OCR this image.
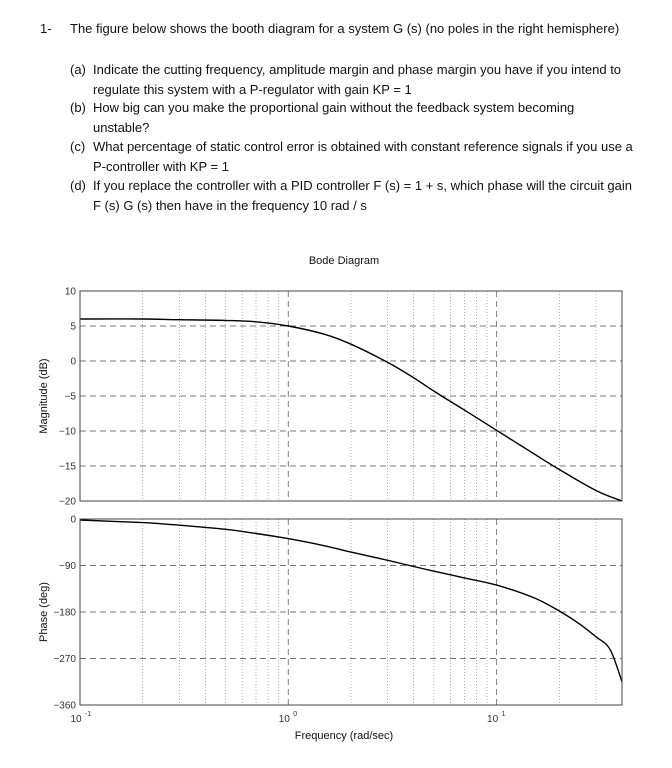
1- The figure below shows the booth diagram for a system G (s) (no poles in the right hemisphere)
(a) Indicate the cutting frequency, amplitude margin and phase margin you have if you intend to regulate this system with a P-regulator with gain KP = 1
(b) How big can you make the proportional gain without the feedback system becoming unstable?
(c) What percentage of static control error is obtained with constant reference signals if you use a P-controller with KP = 1
(d) If you replace the controller with a PID controller F (s) = 1 + s, which phase will the circuit gain F (s) G (s) then have in the frequency 10 rad / s
Bode Diagram
10
5
0
−5
−10
−15
−20
0
−90
−180
−270
−360
10 -1	10 0	10 1
Magnitude (dB)
Phase (deg)
Frequency (rad/sec)
